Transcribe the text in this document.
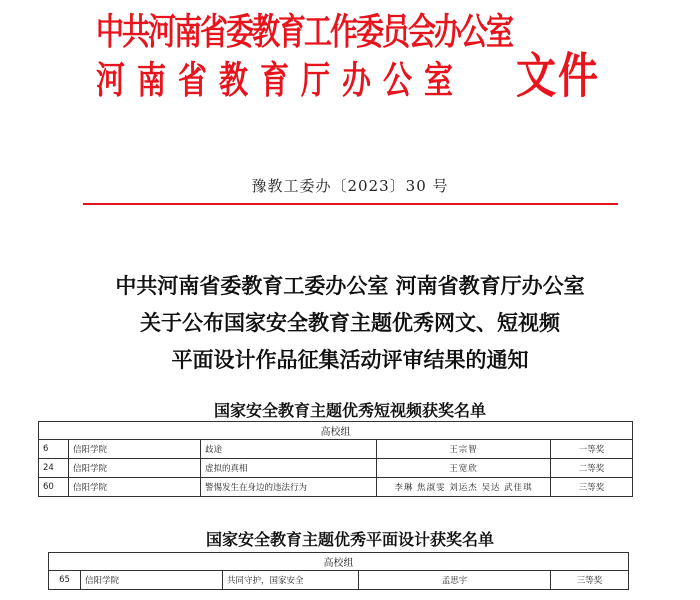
中共河南省委教育工作委员会办公室
河南省教育厅办公室	文件
豫教工委办〔2023〕30 号
中共河南省委教育工委办公室 河南省教育厅办公室
关于公布国家安全教育主题优秀网文、短视频
平面设计作品征集活动评审结果的通知
国家安全教育主题优秀短视频获奖名单
高校组				
6	信阳学院	歧途	王宗智	一等奖
24	信阳学院	虚拟的真相	王宽欣	二等奖
60	信阳学院	警惕发生在身边的违法行为	李琳 焦淑雯 刘运杰 吴达 武佳琪	三等奖
国家安全教育主题优秀平面设计获奖名单
高校组
65	信阳学院	共同守护，国家安全	孟思宇	三等奖
